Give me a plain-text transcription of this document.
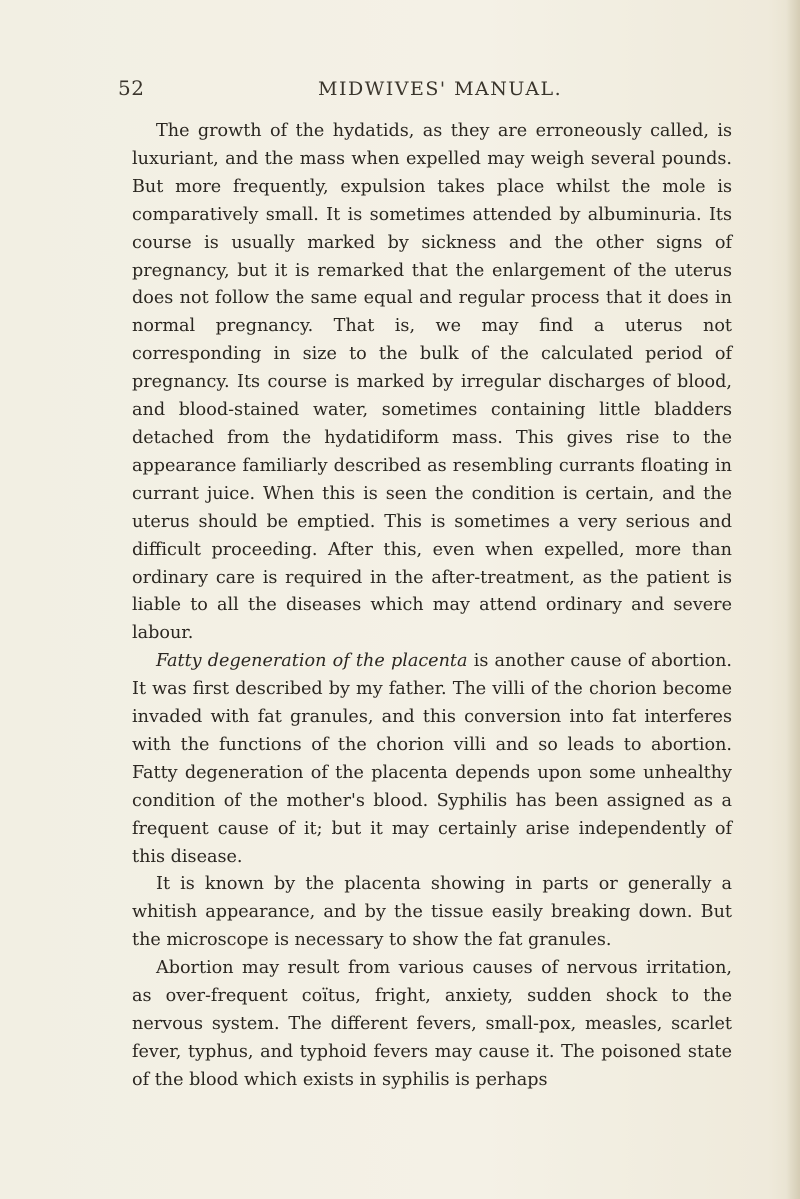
52	MIDWIVES' MANUAL.

The growth of the hydatids, as they are erroneously called, is luxuriant, and the mass when expelled may weigh several pounds. But more frequently, expulsion takes place whilst the mole is comparatively small. It is sometimes attended by albuminuria. Its course is usually marked by sickness and the other signs of pregnancy, but it is remarked that the enlargement of the uterus does not follow the same equal and regular process that it does in normal pregnancy. That is, we may find a uterus not corresponding in size to the bulk of the calculated period of pregnancy. Its course is marked by irregular discharges of blood, and blood-stained water, sometimes containing little bladders detached from the hydatidiform mass. This gives rise to the appearance familiarly described as resembling currants floating in currant juice. When this is seen the condition is certain, and the uterus should be emptied. This is sometimes a very serious and difficult proceeding. After this, even when expelled, more than ordinary care is required in the after-treatment, as the patient is liable to all the diseases which may attend ordinary and severe labour.

Fatty degeneration of the placenta is another cause of abortion. It was first described by my father. The villi of the chorion become invaded with fat granules, and this conversion into fat interferes with the functions of the chorion villi and so leads to abortion. Fatty degeneration of the placenta depends upon some unhealthy condition of the mother's blood. Syphilis has been assigned as a frequent cause of it; but it may certainly arise independently of this disease.

It is known by the placenta showing in parts or generally a whitish appearance, and by the tissue easily breaking down. But the microscope is necessary to show the fat granules.

Abortion may result from various causes of nervous irritation, as over-frequent coïtus, fright, anxiety, sudden shock to the nervous system. The different fevers, small-pox, measles, scarlet fever, typhus, and typhoid fevers may cause it. The poisoned state of the blood which exists in syphilis is perhaps
